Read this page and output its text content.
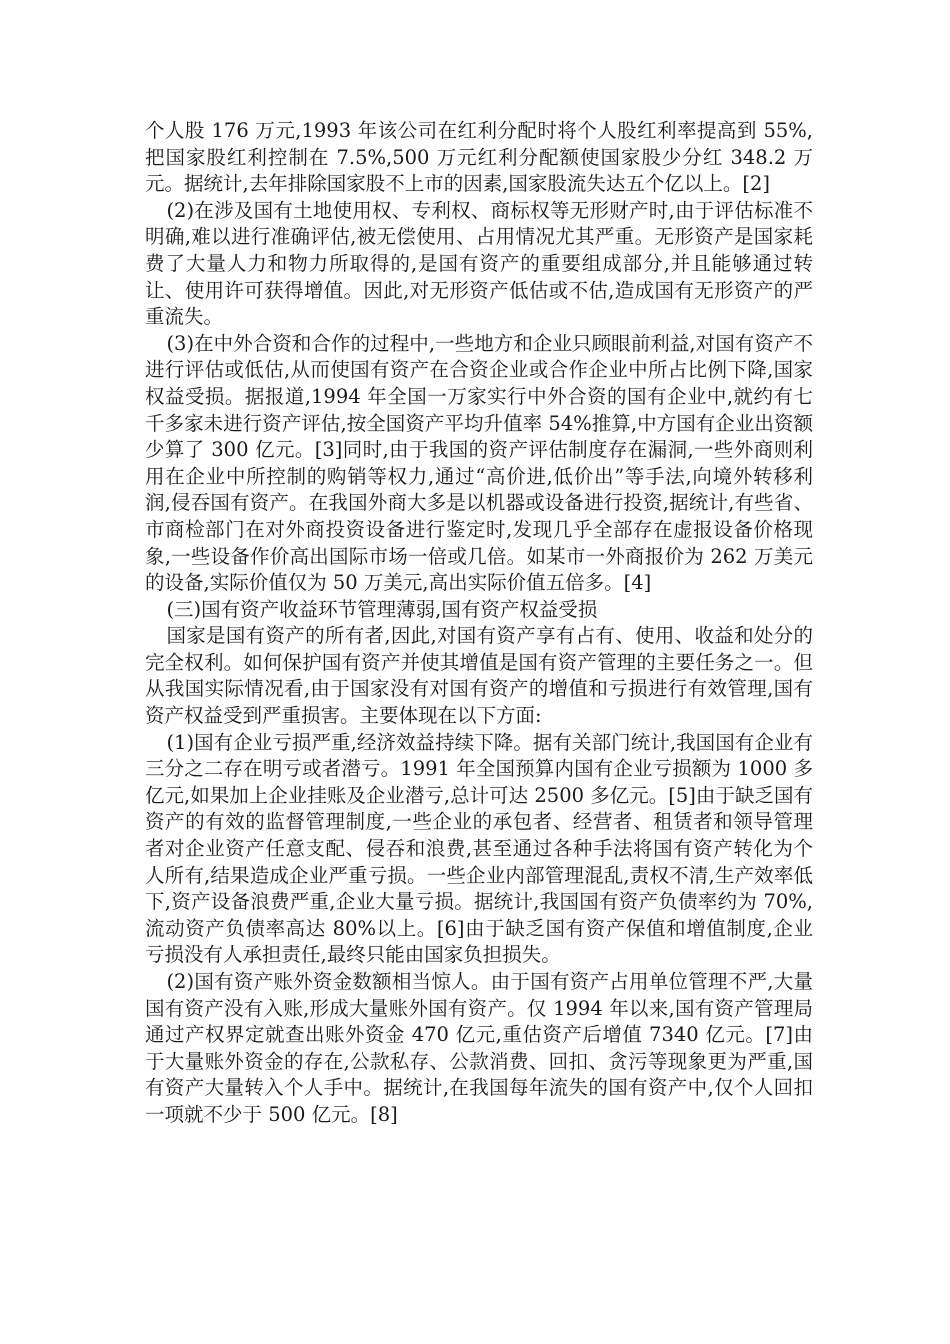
个人股 176 万元,1993 年该公司在红利分配时将个人股红利率提高到 55%,把国家股红利控制在 7.5%,500 万元红利分配额使国家股少分红 348.2 万元。据统计,去年排除国家股不上市的因素,国家股流失达五个亿以上。[2]

(2)在涉及国有土地使用权、专利权、商标权等无形财产时,由于评估标准不明确,难以进行准确评估,被无偿使用、占用情况尤其严重。无形资产是国家耗费了大量人力和物力所取得的,是国有资产的重要组成部分,并且能够通过转让、使用许可获得增值。因此,对无形资产低估或不估,造成国有无形资产的严重流失。

(3)在中外合资和合作的过程中,一些地方和企业只顾眼前利益,对国有资产不进行评估或低估,从而使国有资产在合资企业或合作企业中所占比例下降,国家权益受损。据报道,1994 年全国一万家实行中外合资的国有企业中,就约有七千多家未进行资产评估,按全国资产平均升值率 54%推算,中方国有企业出资额少算了 300 亿元。[3]同时,由于我国的资产评估制度存在漏洞,一些外商则利用在企业中所控制的购销等权力,通过“高价进,低价出”等手法,向境外转移利润,侵吞国有资产。在我国外商大多是以机器或设备进行投资,据统计,有些省、市商检部门在对外商投资设备进行鉴定时,发现几乎全部存在虚报设备价格现象,一些设备作价高出国际市场一倍或几倍。如某市一外商报价为 262 万美元的设备,实际价值仅为 50 万美元,高出实际价值五倍多。[4]

(三)国有资产收益环节管理薄弱,国有资产权益受损

国家是国有资产的所有者,因此,对国有资产享有占有、使用、收益和处分的完全权利。如何保护国有资产并使其增值是国有资产管理的主要任务之一。但从我国实际情况看,由于国家没有对国有资产的增值和亏损进行有效管理,国有资产权益受到严重损害。主要体现在以下方面:

(1)国有企业亏损严重,经济效益持续下降。据有关部门统计,我国国有企业有三分之二存在明亏或者潜亏。1991 年全国预算内国有企业亏损额为 1000 多亿元,如果加上企业挂账及企业潜亏,总计可达 2500 多亿元。[5]由于缺乏国有资产的有效的监督管理制度,一些企业的承包者、经营者、租赁者和领导管理者对企业资产任意支配、侵吞和浪费,甚至通过各种手法将国有资产转化为个人所有,结果造成企业严重亏损。一些企业内部管理混乱,责权不清,生产效率低下,资产设备浪费严重,企业大量亏损。据统计,我国国有资产负债率约为 70%,流动资产负债率高达 80%以上。[6]由于缺乏国有资产保值和增值制度,企业亏损没有人承担责任,最终只能由国家负担损失。

(2)国有资产账外资金数额相当惊人。由于国有资产占用单位管理不严,大量国有资产没有入账,形成大量账外国有资产。仅 1994 年以来,国有资产管理局通过产权界定就查出账外资金 470 亿元,重估资产后增值 7340 亿元。[7]由于大量账外资金的存在,公款私存、公款消费、回扣、贪污等现象更为严重,国有资产大量转入个人手中。据统计,在我国每年流失的国有资产中,仅个人回扣一项就不少于 500 亿元。[8]
